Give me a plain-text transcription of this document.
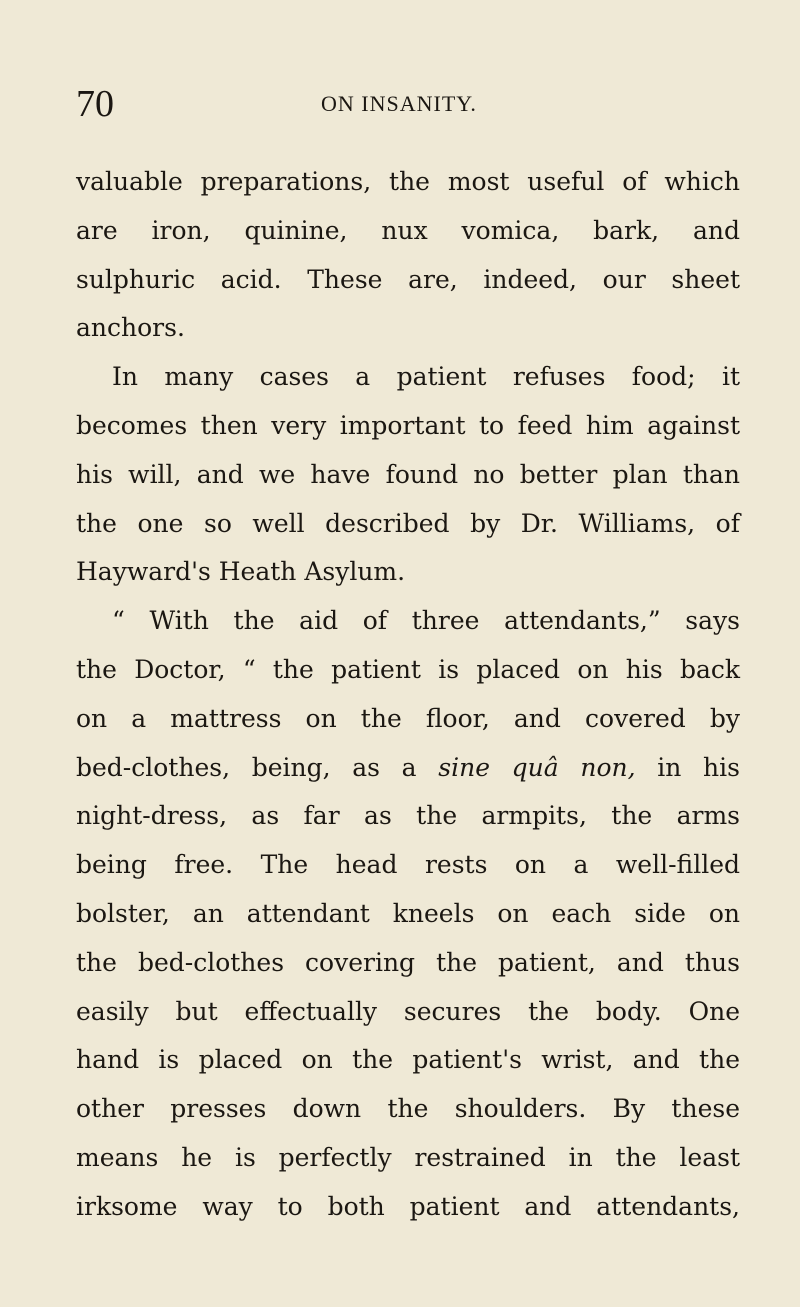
70	ON INSANITY.
valuable preparations, the most useful of which
are iron, quinine, nux vomica, bark, and
sulphuric acid. These are, indeed, our sheet
anchors.
In many cases a patient refuses food; it
becomes then very important to feed him against
his will, and we have found no better plan than
the one so well described by Dr. Williams, of
Hayward's Heath Asylum.
“ With the aid of three attendants,” says
the Doctor, “ the patient is placed on his back
on a mattress on the floor, and covered by
bed-clothes, being, as a sine quâ non, in his
night-dress, as far as the armpits, the arms
being free. The head rests on a well-filled
bolster, an attendant kneels on each side on
the bed-clothes covering the patient, and thus
easily but effectually secures the body. One
hand is placed on the patient's wrist, and the
other presses down the shoulders. By these
means he is perfectly restrained in the least
irksome way to both patient and attendants,
